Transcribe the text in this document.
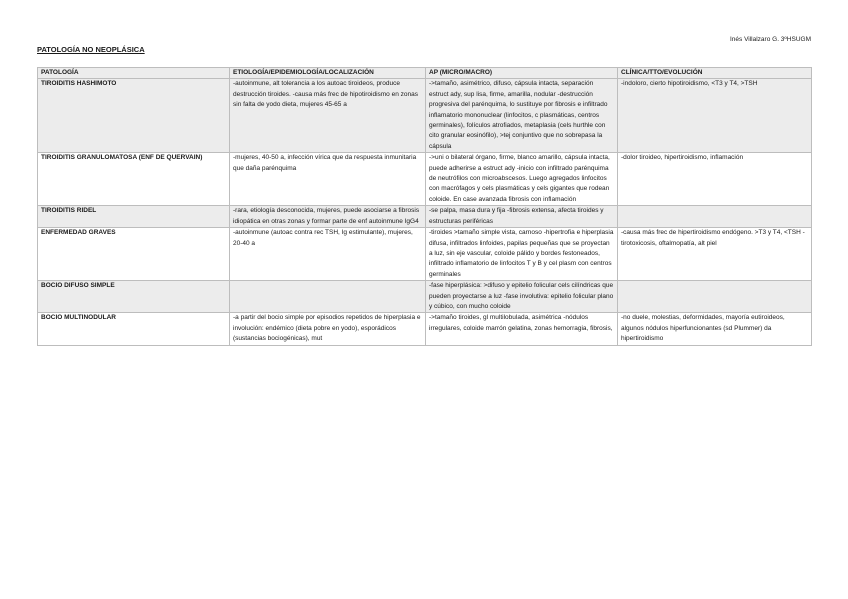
Inés Villalzaro G. 3ºHSUGM
PATOLOGÍA NO NEOPLÁSICA
PATOLOGÍA	ETIOLOGÍA/EPIDEMIOLOGÍA/LOCALIZACIÓN	AP (MICRO/MACRO)	CLÍNICA/TTO/EVOLUCIÓN
TIROIDITIS HASHIMOTO	-autoinmune, alt tolerancia a los autoac tiroideos, produce destrucción tiroides. -causa más frec de hipotiroidismo en zonas sin falta de yodo dieta, mujeres 45-65 a	->tamaño, asimétrico, difuso, cápsula intacta, separación estruct ady, sup lisa, firme, amarilla, nodular -destrucción progresiva del parénquima, lo sustituye por fibrosis e infiltrado inflamatorio mononuclear (linfocitos, c plasmáticas, centros germinales), folículos atrofiados, metaplasia (cels hurthle con cito granular eosinófilo), >tej conjuntivo que no sobrepasa la cápsula	-indoloro, cierto hipotiroidismo, <T3 y T4, >TSH
TIROIDITIS GRANULOMATOSA (ENF DE QUERVAIN)	-mujeres, 40-50 a, infección vírica que da respuesta inmunitaria que daña parénquima	->uni o bilateral órgano, firme, blanco amarillo, cápsula intacta, puede adherirse a estruct ady -inicio con infiltrado parénquima de neutrófilos con microabscesos. Luego agregados linfocitos con macrófagos y cels plasmáticas y cels gigantes que rodean coloide. En case avanzada fibrosis con inflamación	-dolor tiroideo, hipertiroidismo, inflamación
TIROIDITIS RIDEL	-rara, etiología desconocida, mujeres, puede asociarse a fibrosis idiopática en otras zonas y formar parte de enf autoinmune IgG4	-se palpa, masa dura y fija -fibrosis extensa, afecta tiroides y estructuras periféricas	
ENFERMEDAD GRAVES	-autoinmune (autoac contra rec TSH, Ig estimulante), mujeres, 20-40 a	-tiroides >tamaño simple vista, carnoso -hipertrofia e hiperplasia difusa, infiltrados linfoides, papilas pequeñas que se proyectan a luz, sin eje vascular, coloide pálido y bordes festoneados, infiltrado inflamatorio de linfocitos T y B y cel plasm con centros germinales	-causa más frec de hipertiroidismo endógeno. >T3 y T4, <TSH -tirotoxicosis, oftalmopatía, alt piel
BOCIO DIFUSO SIMPLE		-fase hiperplásica: >difuso y epitelio folicular cels cilíndricas que pueden proyectarse a luz -fase involutiva: epitelio folicular plano y cúbico, con mucho coloide	
BOCIO MULTINODULAR	-a partir del bocio simple por episodios repetidos de hiperplasia e involución: endémico (dieta pobre en yodo), esporádicos (sustancias bociogénicas), mut	->tamaño tiroides, gl multilobulada, asimétrica -nódulos irregulares, coloide marrón gelatina, zonas hemorragia, fibrosis,	-no duele, molestias, deformidades, mayoría eutiroideos, algunos nódulos hiperfuncionantes (sd Plummer) da hipertiroidismo
